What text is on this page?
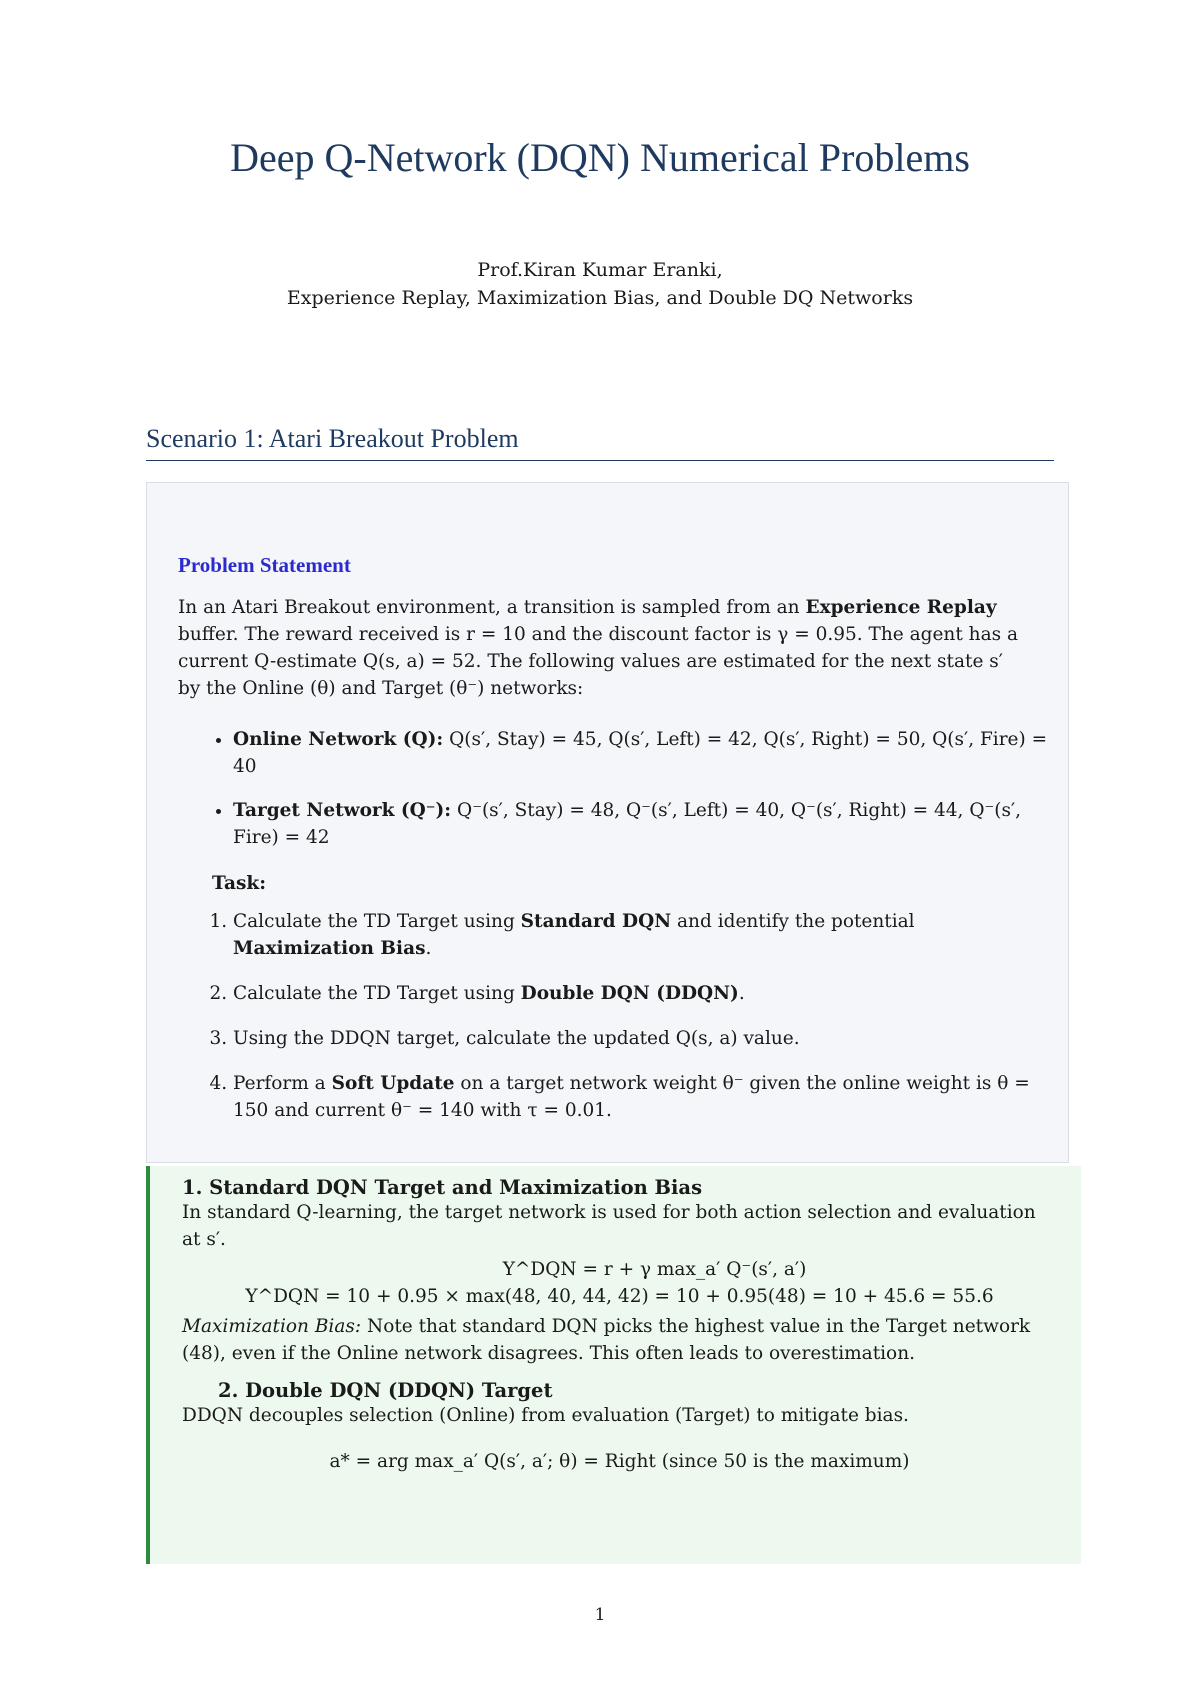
Deep Q-Network (DQN) Numerical Problems
Prof.Kiran Kumar Eranki,
Experience Replay, Maximization Bias, and Double DQ Networks
Scenario 1: Atari Breakout Problem
Problem Statement

In an Atari Breakout environment, a transition is sampled from an Experience Replay buffer. The reward received is r = 10 and the discount factor is γ = 0.95. The agent has a current Q-estimate Q(s, a) = 52. The following values are estimated for the next state s′ by the Online (θ) and Target (θ⁻) networks:

• Online Network (Q): Q(s′, Stay) = 45, Q(s′, Left) = 42, Q(s′, Right) = 50, Q(s′, Fire) = 40
• Target Network (Q⁻): Q⁻(s′, Stay) = 48, Q⁻(s′, Left) = 40, Q⁻(s′, Right) = 44, Q⁻(s′, Fire) = 42
Task:
1. Calculate the TD Target using Standard DQN and identify the potential Maximization Bias.
2. Calculate the TD Target using Double DQN (DDQN).
3. Using the DDQN target, calculate the updated Q(s, a) value.
4. Perform a Soft Update on a target network weight θ⁻ given the online weight is θ = 150 and current θ⁻ = 140 with τ = 0.01.
1. Standard DQN Target and Maximization Bias

In standard Q-learning, the target network is used for both action selection and evaluation at s′.

Y^DQN = r + γ max_a′ Q⁻(s′, a′)
Y^DQN = 10 + 0.95 × max(48, 40, 44, 42) = 10 + 0.95(48) = 10 + 45.6 = 55.6

Maximization Bias: Note that standard DQN picks the highest value in the Target network (48), even if the Online network disagrees. This often leads to overestimation.

2. Double DQN (DDQN) Target

DDQN decouples selection (Online) from evaluation (Target) to mitigate bias.

a* = arg max_a′ Q(s′, a′; θ) = Right (since 50 is the maximum)
1
